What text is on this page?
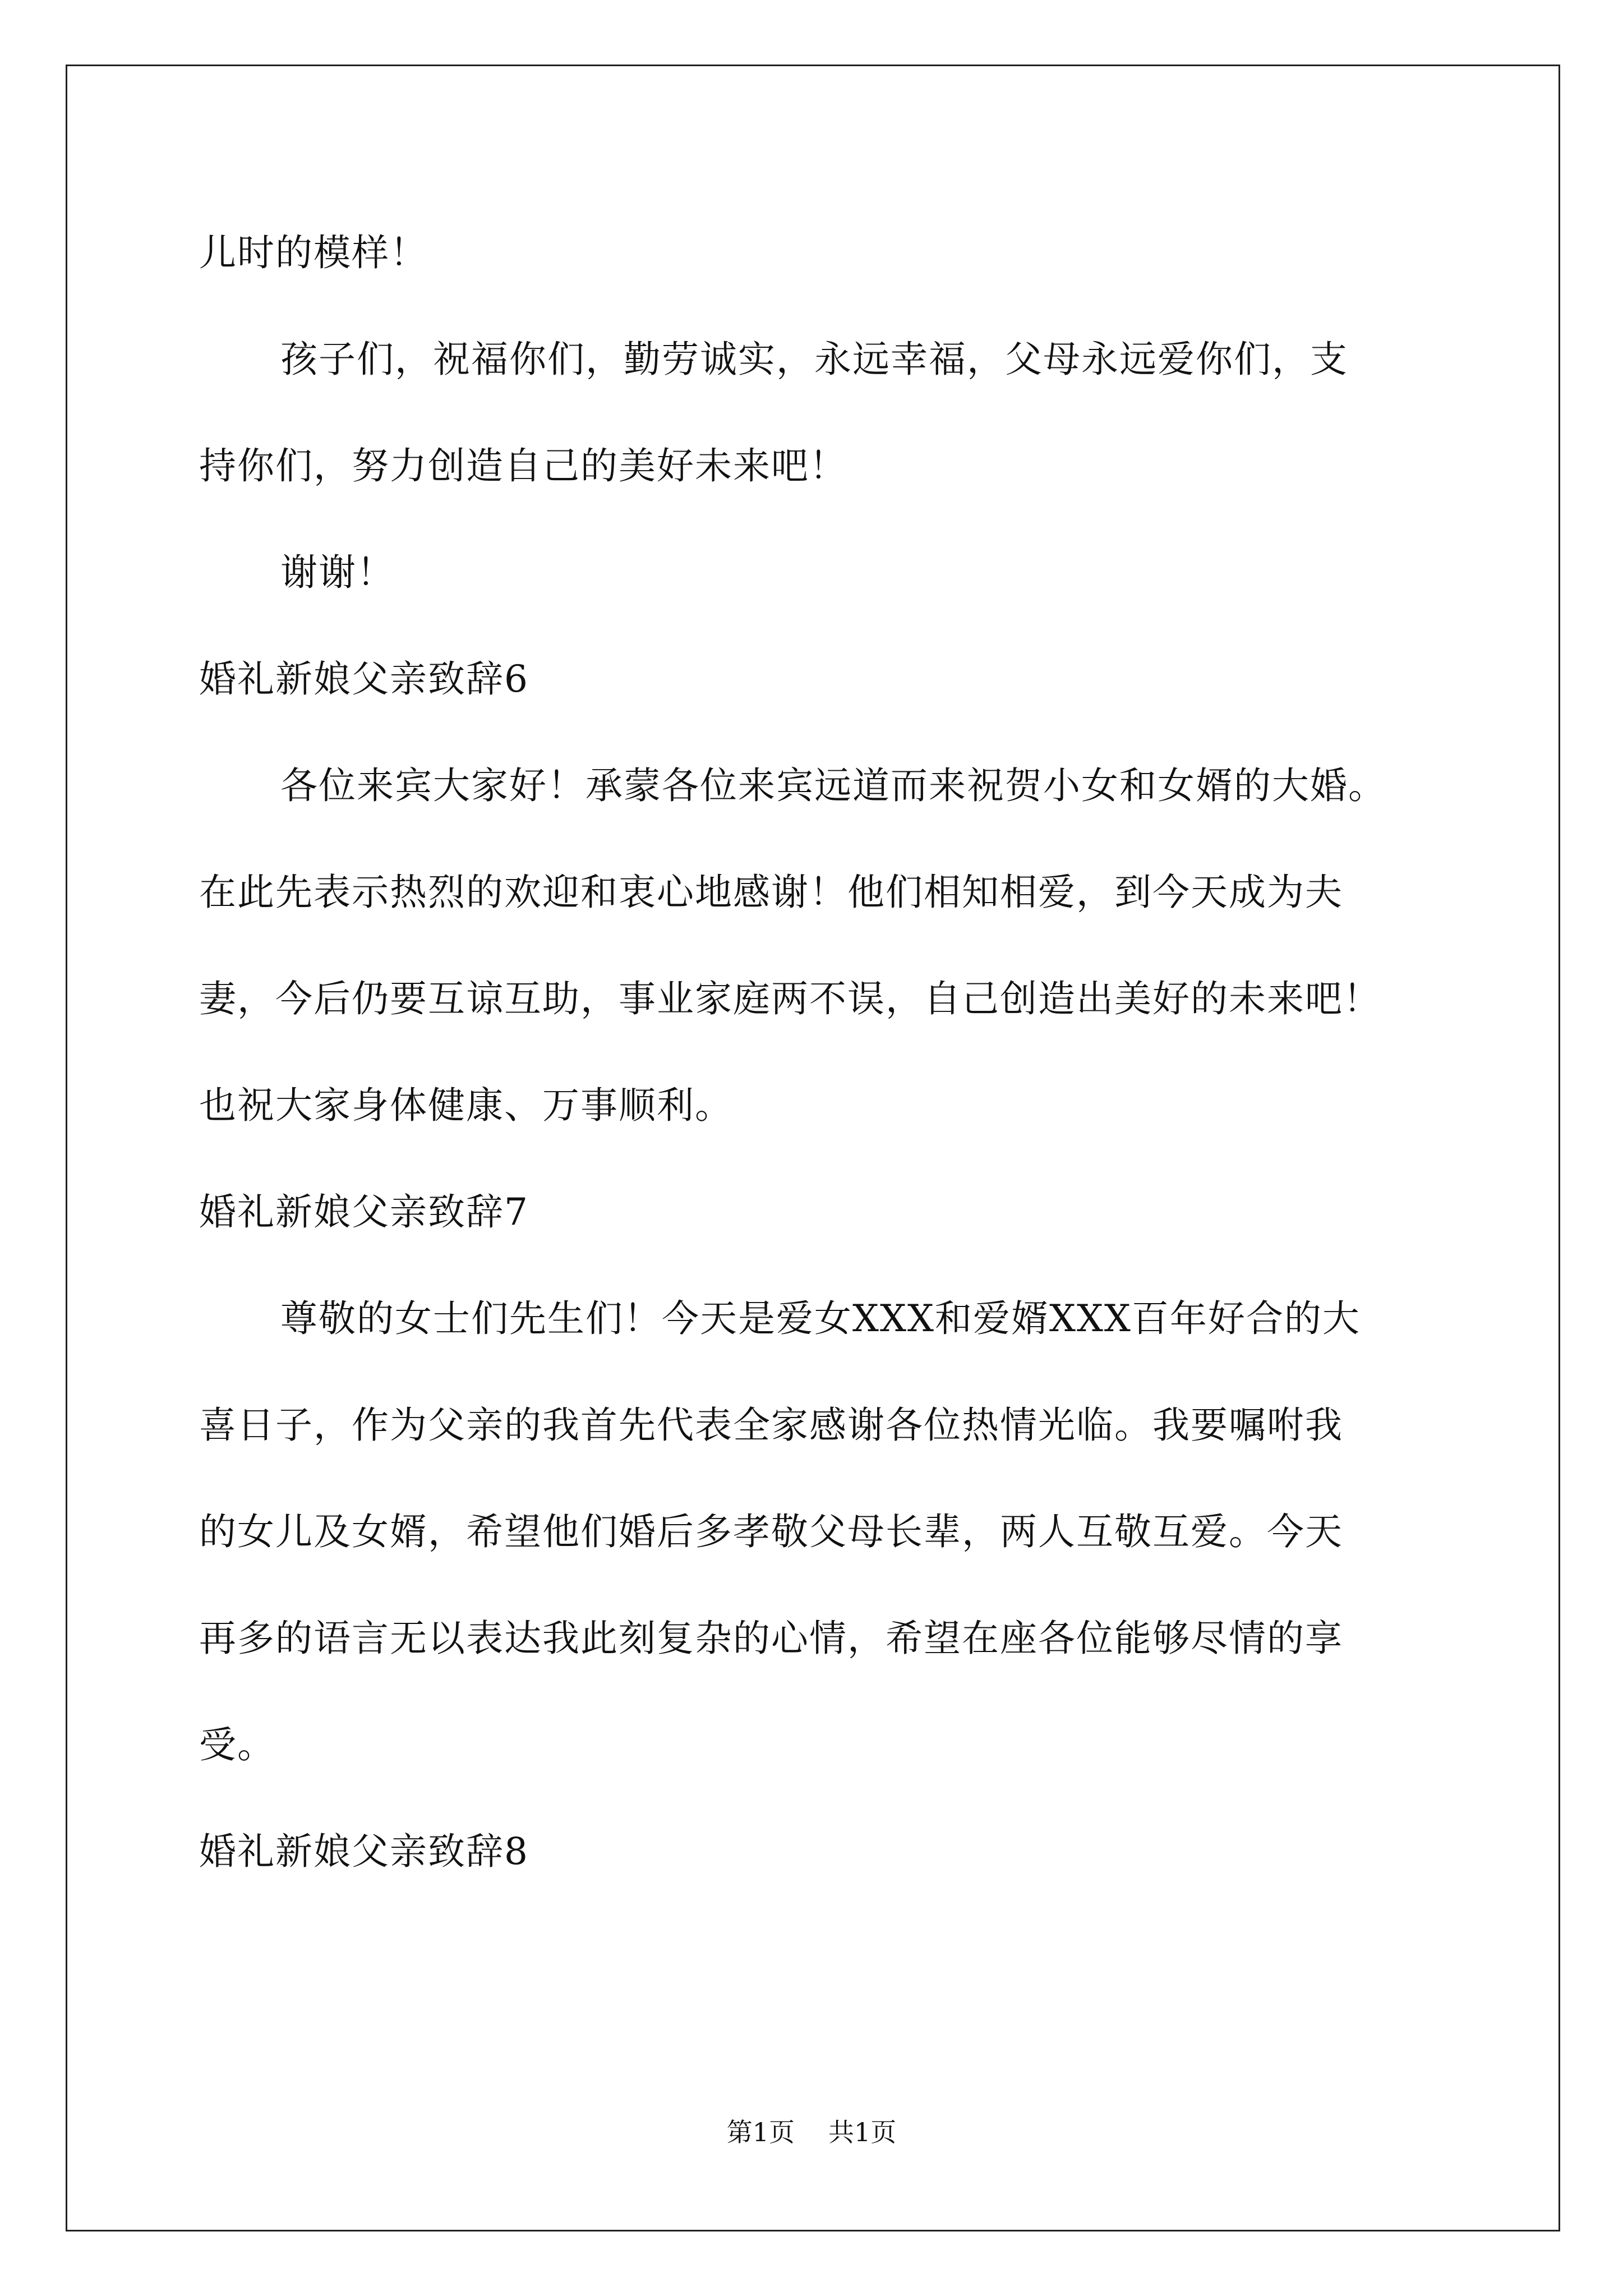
儿时的模样！
孩子们，祝福你们，勤劳诚实，永远幸福，父母永远爱你们，支
持你们，努力创造自己的美好未来吧！
谢谢！
婚礼新娘父亲致辞6
各位来宾大家好！承蒙各位来宾远道而来祝贺小女和女婿的大婚。
在此先表示热烈的欢迎和衷心地感谢！他们相知相爱，到今天成为夫
妻，今后仍要互谅互助，事业家庭两不误，自己创造出美好的未来吧！
也祝大家身体健康、万事顺利。
婚礼新娘父亲致辞7
尊敬的女士们先生们！今天是爱女XXX和爱婿XXX百年好合的大
喜日子，作为父亲的我首先代表全家感谢各位热情光临。我要嘱咐我
的女儿及女婿，希望他们婚后多孝敬父母长辈，两人互敬互爱。今天
再多的语言无以表达我此刻复杂的心情，希望在座各位能够尽情的享
受。
婚礼新娘父亲致辞8
第1页 共1页
